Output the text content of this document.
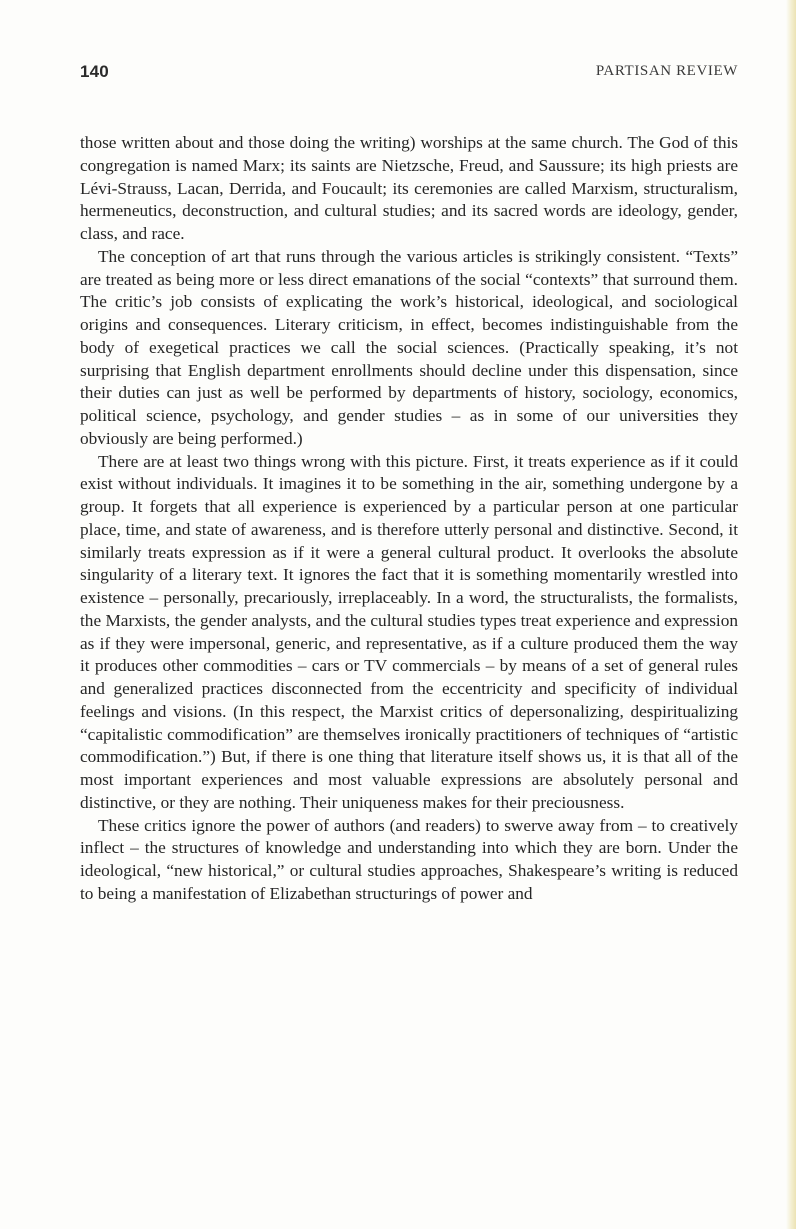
140	PARTISAN REVIEW

those written about and those doing the writing) worships at the same church. The God of this congregation is named Marx; its saints are Nietzsche, Freud, and Saussure; its high priests are Lévi-Strauss, Lacan, Derrida, and Foucault; its ceremonies are called Marxism, structuralism, hermeneutics, deconstruction, and cultural studies; and its sacred words are ideology, gender, class, and race.

The conception of art that runs through the various articles is strikingly consistent. “Texts” are treated as being more or less direct emanations of the social “contexts” that surround them. The critic’s job consists of explicating the work’s historical, ideological, and sociological origins and consequences. Literary criticism, in effect, becomes indistinguishable from the body of exegetical practices we call the social sciences. (Practically speaking, it’s not surprising that English department enrollments should decline under this dispensation, since their duties can just as well be performed by departments of history, sociology, economics, political science, psychology, and gender studies – as in some of our universities they obviously are being performed.)

There are at least two things wrong with this picture. First, it treats experience as if it could exist without individuals. It imagines it to be something in the air, something undergone by a group. It forgets that all experience is experienced by a particular person at one particular place, time, and state of awareness, and is therefore utterly personal and distinctive. Second, it similarly treats expression as if it were a general cultural product. It overlooks the absolute singularity of a literary text. It ignores the fact that it is something momentarily wrestled into existence – personally, precariously, irreplaceably. In a word, the structuralists, the formalists, the Marxists, the gender analysts, and the cultural studies types treat experience and expression as if they were impersonal, generic, and representative, as if a culture produced them the way it produces other commodities – cars or TV commercials – by means of a set of general rules and generalized practices disconnected from the eccentricity and specificity of individual feelings and visions. (In this respect, the Marxist critics of depersonalizing, despiritualizing “capitalistic commodification” are themselves ironically practitioners of techniques of “artistic commodification.”) But, if there is one thing that literature itself shows us, it is that all of the most important experiences and most valuable expressions are absolutely personal and distinctive, or they are nothing. Their uniqueness makes for their preciousness.

These critics ignore the power of authors (and readers) to swerve away from – to creatively inflect – the structures of knowledge and understanding into which they are born. Under the ideological, “new historical,” or cultural studies approaches, Shakespeare’s writing is reduced to being a manifestation of Elizabethan structurings of power and
